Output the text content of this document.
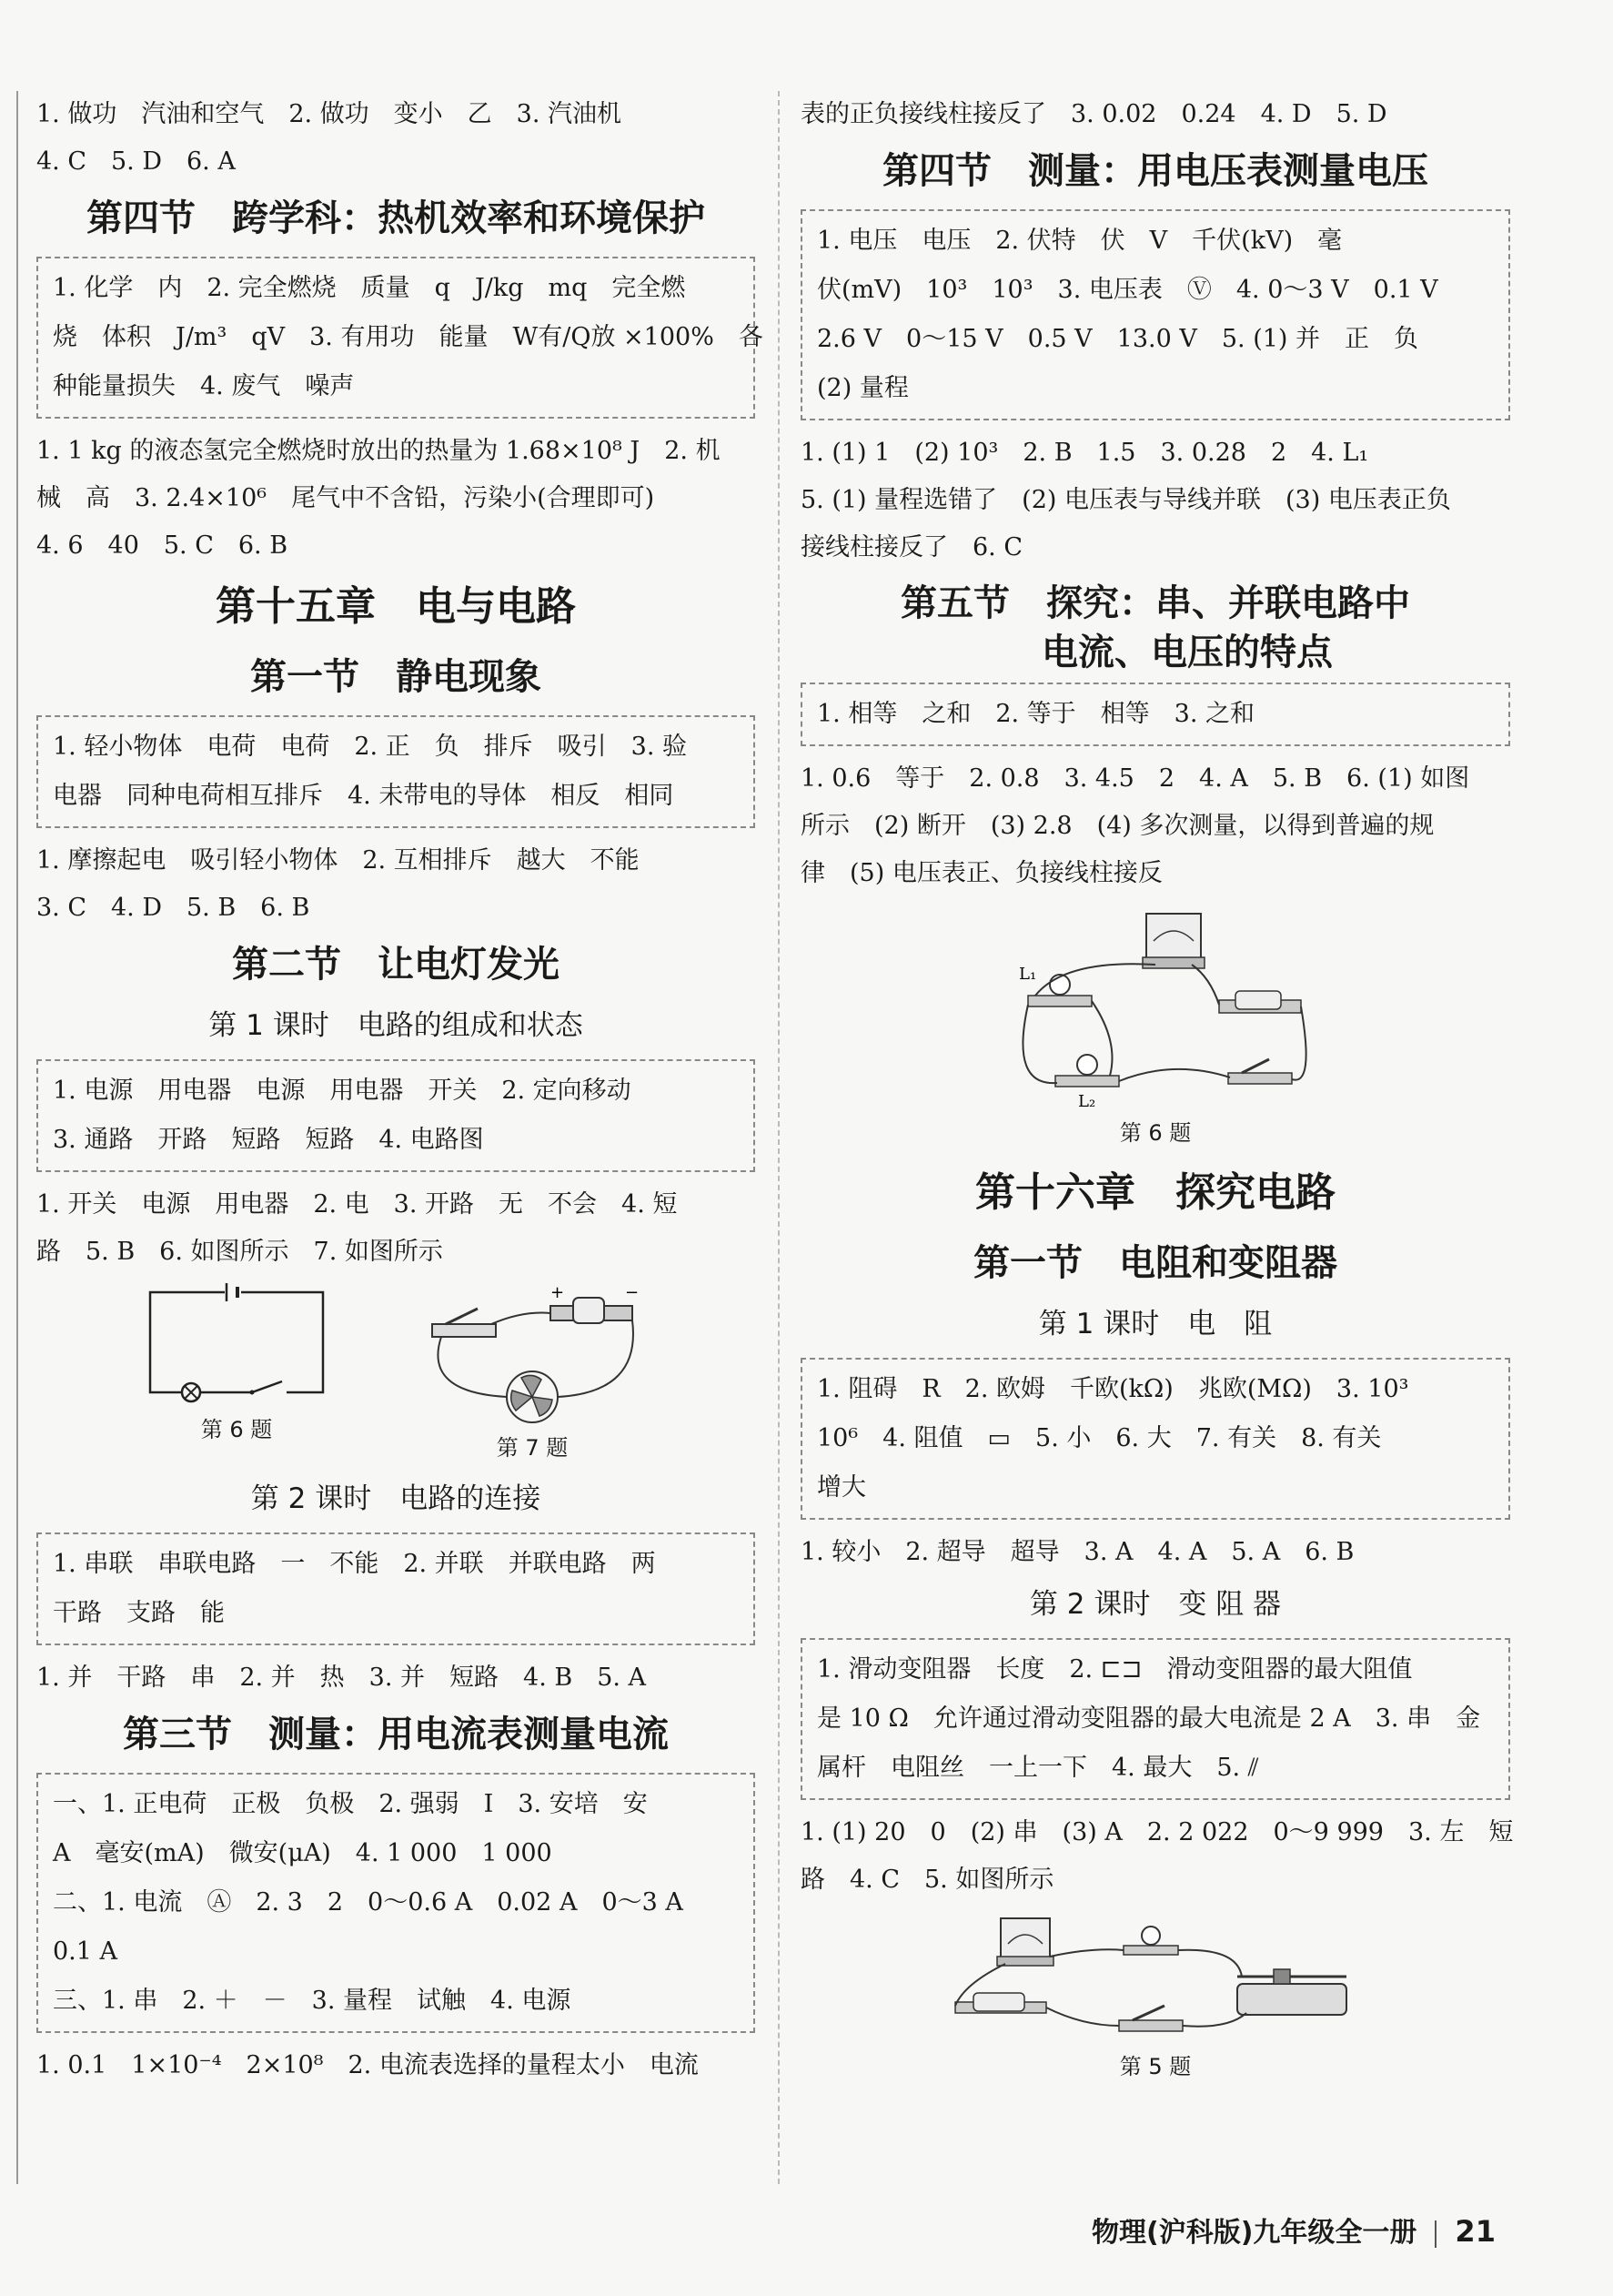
1. 做功　汽油和空气　2. 做功　变小　乙　3. 汽油机
4. C　5. D　6. A
第四节　跨学科：热机效率和环境保护
1. 化学　内　2. 完全燃烧　质量　q　J/kg　mq　完全燃
烧　体积　J/m³　qV　3. 有用功　能量　W有/Q放 ×100%　各
种能量损失　4. 废气　噪声
1. 1 kg 的液态氢完全燃烧时放出的热量为 1.68×10⁸ J　2. 机
械　高　3. 2.4×10⁶　尾气中不含铅，污染小(合理即可)
4. 6　40　5. C　6. B
第十五章　电与电路
第一节　静电现象
1. 轻小物体　电荷　电荷　2. 正　负　排斥　吸引　3. 验
电器　同种电荷相互排斥　4. 未带电的导体　相反　相同
1. 摩擦起电　吸引轻小物体　2. 互相排斥　越大　不能
3. C　4. D　5. B　6. B
第二节　让电灯发光
第 1 课时　电路的组成和状态
1. 电源　用电器　电源　用电器　开关　2. 定向移动
3. 通路　开路　短路　短路　4. 电路图
1. 开关　电源　用电器　2. 电　3. 开路　无　不会　4. 短
路　5. B　6. 如图所示　7. 如图所示
第 6 题
+	−
第 7 题
第 2 课时　电路的连接
1. 串联　串联电路　一　不能　2. 并联　并联电路　两
干路　支路　能
1. 并　干路　串　2. 并　热　3. 并　短路　4. B　5. A
第三节　测量：用电流表测量电流
一、1. 正电荷　正极　负极　2. 强弱　I　3. 安培　安
A　毫安(mA)　微安(μA)　4. 1 000　1 000
二、1. 电流　Ⓐ　2. 3　2　0～0.6 A　0.02 A　0～3 A
0.1 A
三、1. 串　2. ＋　－　3. 量程　试触　4. 电源
1. 0.1　1×10⁻⁴　2×10⁸　2. 电流表选择的量程太小　电流
表的正负接线柱接反了　3. 0.02　0.24　4. D　5. D
第四节　测量：用电压表测量电压
1. 电压　电压　2. 伏特　伏　V　千伏(kV)　毫
伏(mV)　10³　10³　3. 电压表　Ⓥ　4. 0～3 V　0.1 V
2.6 V　0～15 V　0.5 V　13.0 V　5. (1) 并　正　负
(2) 量程
1. (1) 1　(2) 10³　2. B　1.5　3. 0.28　2　4. L₁
5. (1) 量程选错了　(2) 电压表与导线并联　(3) 电压表正负
接线柱接反了　6. C
第五节　探究：串、并联电路中
电流、电压的特点
1. 相等　之和　2. 等于　相等　3. 之和
1. 0.6　等于　2. 0.8　3. 4.5　2　4. A　5. B　6. (1) 如图
所示　(2) 断开　(3) 2.8　(4) 多次测量，以得到普遍的规
律　(5) 电压表正、负接线柱接反
L₁
L₂
第 6 题
第十六章　探究电路
第一节　电阻和变阻器
第 1 课时　电　阻
1. 阻碍　R　2. 欧姆　千欧(kΩ)　兆欧(MΩ)　3. 10³
10⁶　4. 阻值　▭　5. 小　6. 大　7. 有关　8. 有关
增大
1. 较小　2. 超导　超导　3. A　4. A　5. A　6. B
第 2 课时　变 阻 器
1. 滑动变阻器　长度　2. ⊏⊐　滑动变阻器的最大阻值
是 10 Ω　允许通过滑动变阻器的最大电流是 2 A　3. 串　金
属杆　电阻丝　一上一下　4. 最大　5. ⫽
1. (1) 20　0　(2) 串　(3) A　2. 2 022　0～9 999　3. 左　短
路　4. C　5. 如图所示
第 5 题
物理(沪科版)九年级全一册 21
